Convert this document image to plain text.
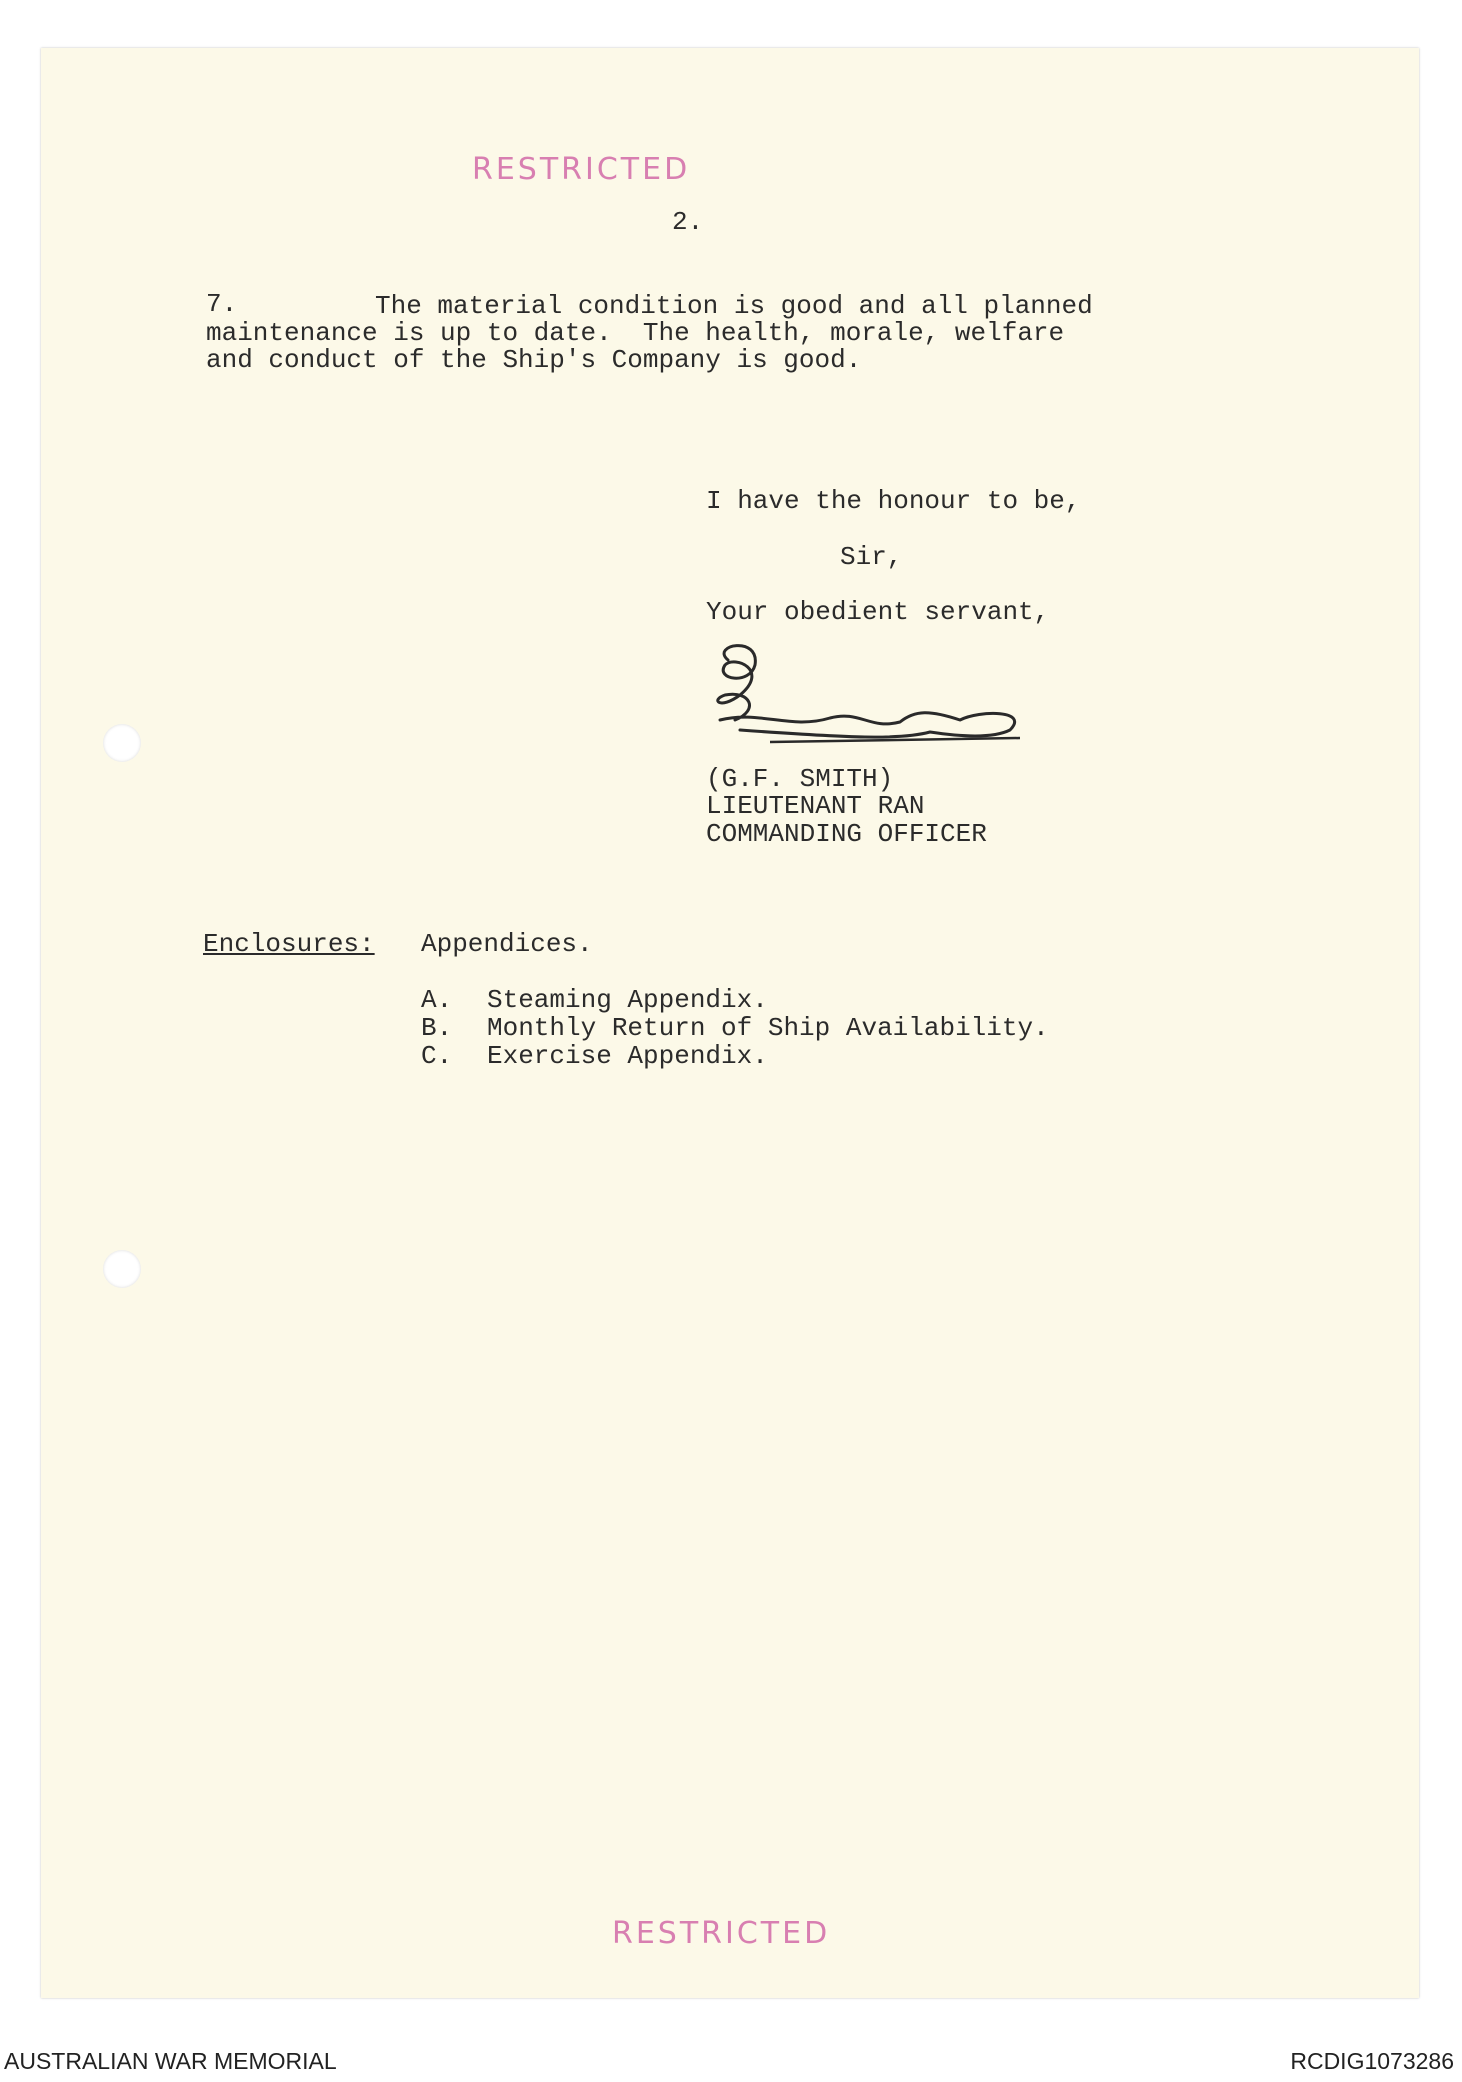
RESTRICTED
2.
7.	The material condition is good and all planned
maintenance is up to date.  The health, morale, welfare
and conduct of the Ship's Company is good.
I have the honour to be,
Sir,
Your obedient servant,
(G.F. SMITH)
LIEUTENANT RAN
COMMANDING OFFICER
Enclosures: Appendices.
A. Steaming Appendix.
B. Monthly Return of Ship Availability.
C. Exercise Appendix.
RESTRICTED
AUSTRALIAN WAR MEMORIAL	RCDIG1073286
